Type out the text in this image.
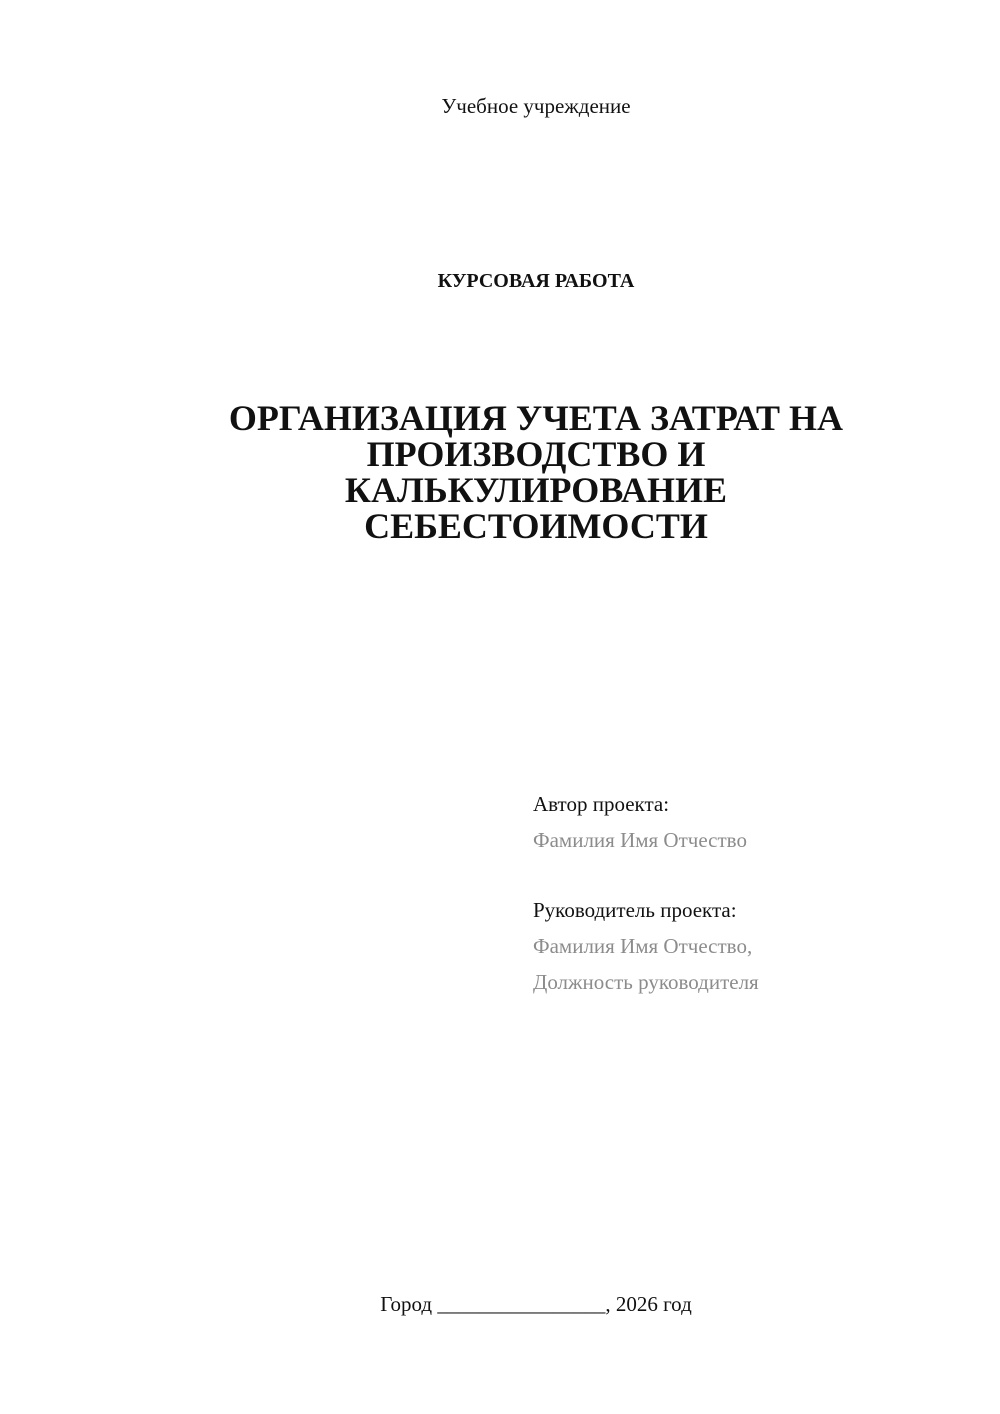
Учебное учреждение
КУРСОВАЯ РАБОТА
ОРГАНИЗАЦИЯ УЧЕТА ЗАТРАТ НА
ПРОИЗВОДСТВО И
КАЛЬКУЛИРОВАНИЕ
СЕБЕСТОИМОСТИ
Автор проекта:
Фамилия Имя Отчество
Руководитель проекта:
Фамилия Имя Отчество,
Должность руководителя
Город ________________, 2026 год
